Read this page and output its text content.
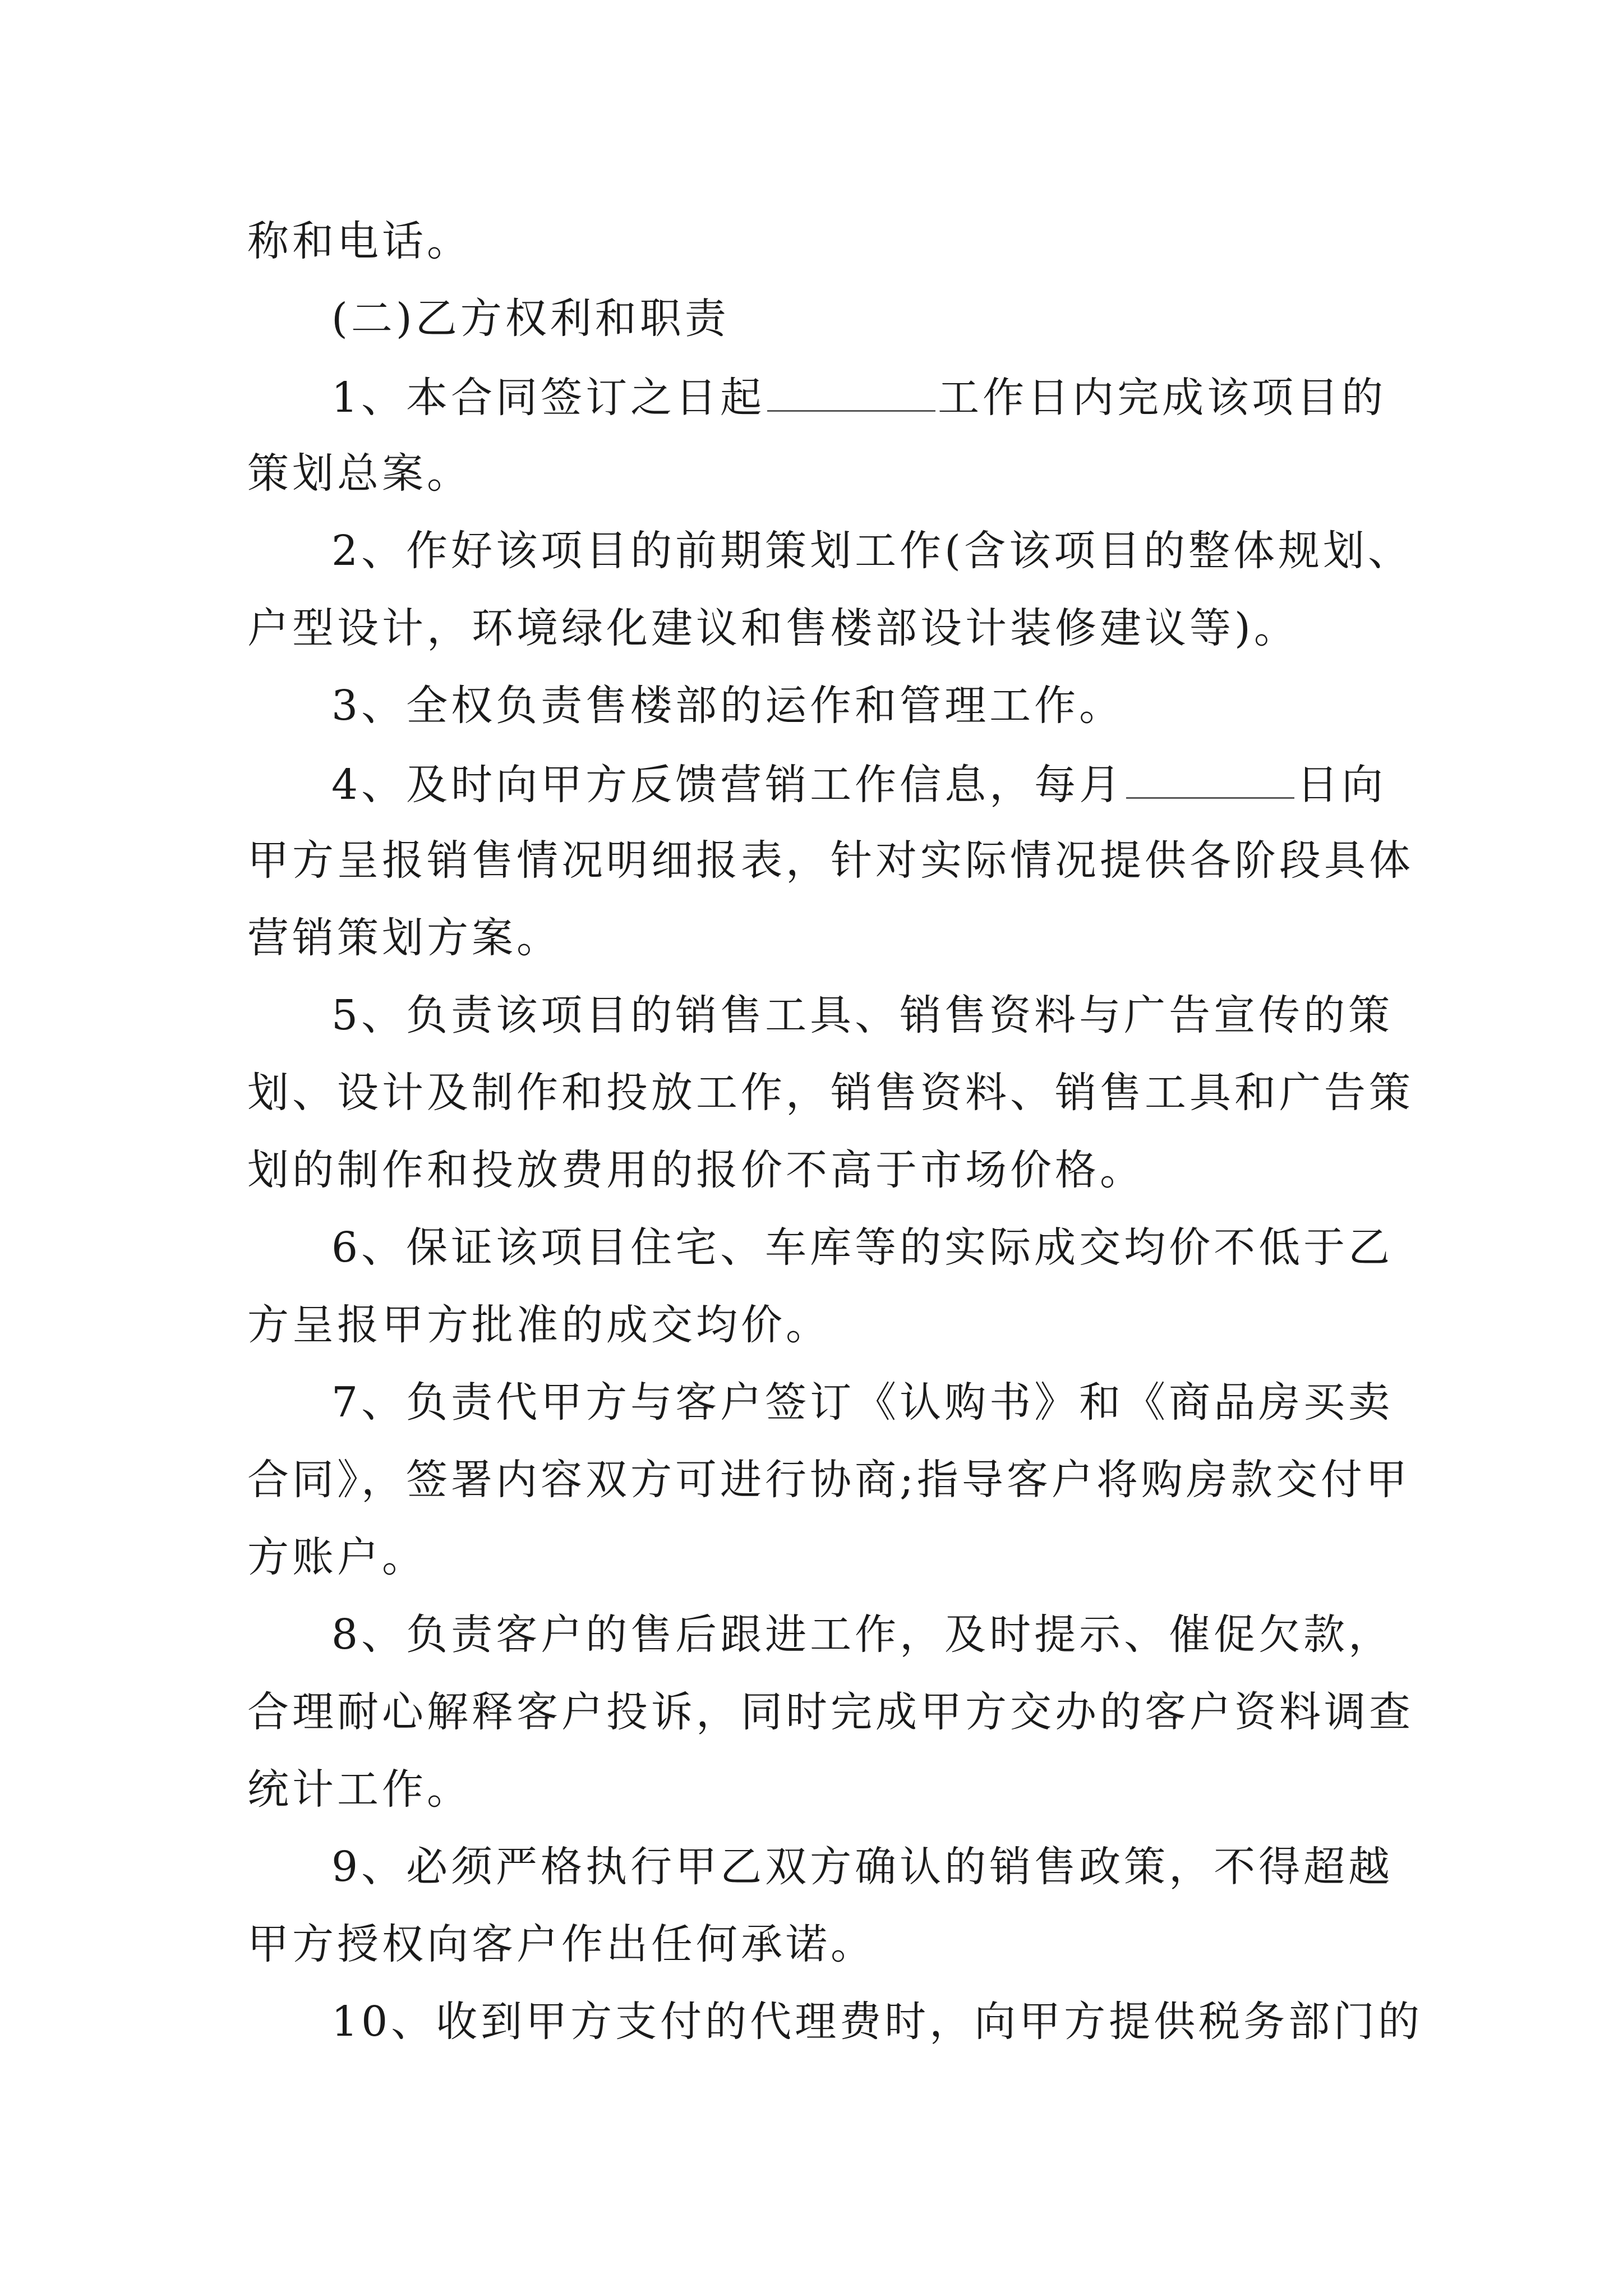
称和电话。
(二)乙方权利和职责
1、本合同签订之日起	工作日内完成该项目的
策划总案。
2、作好该项目的前期策划工作(含该项目的整体规划、
户型设计，环境绿化建议和售楼部设计装修建议等)。
3、全权负责售楼部的运作和管理工作。
4、及时向甲方反馈营销工作信息，每月	日向
甲方呈报销售情况明细报表，针对实际情况提供各阶段具体
营销策划方案。
5、负责该项目的销售工具、销售资料与广告宣传的策
划、设计及制作和投放工作，销售资料、销售工具和广告策
划的制作和投放费用的报价不高于市场价格。
6、保证该项目住宅、车库等的实际成交均价不低于乙
方呈报甲方批准的成交均价。
7、负责代甲方与客户签订《认购书》和《商品房买卖
合同》，签署内容双方可进行协商;指导客户将购房款交付甲
方账户。
8、负责客户的售后跟进工作，及时提示、催促欠款，
合理耐心解释客户投诉，同时完成甲方交办的客户资料调查
统计工作。
9、必须严格执行甲乙双方确认的销售政策，不得超越
甲方授权向客户作出任何承诺。
10、收到甲方支付的代理费时，向甲方提供税务部门的
